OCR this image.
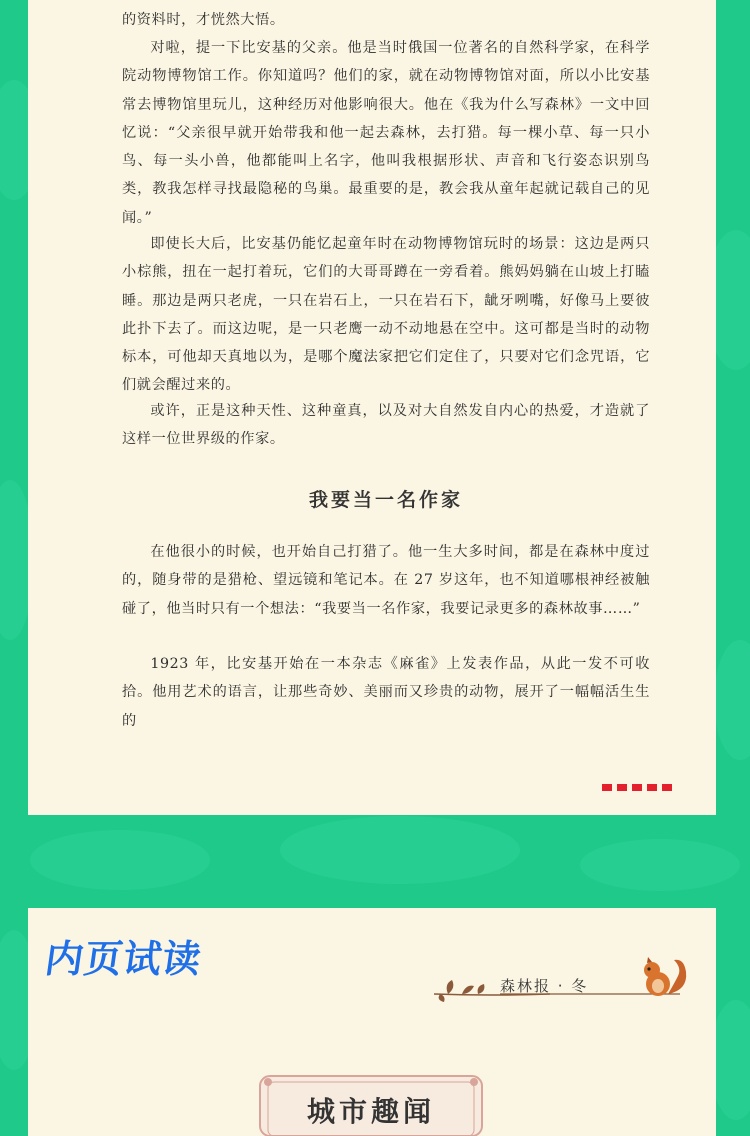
的资料时，才恍然大悟。

对啦，提一下比安基的父亲。他是当时俄国一位著名的自然科学家，在科学院动物博物馆工作。你知道吗？他们的家，就在动物博物馆对面，所以小比安基常去博物馆里玩儿，这种经历对他影响很大。他在《我为什么写森林》一文中回忆说：“父亲很早就开始带我和他一起去森林，去打猎。每一棵小草、每一只小鸟、每一头小兽，他都能叫上名字，他叫我根据形状、声音和飞行姿态识别鸟类，教我怎样寻找最隐秘的鸟巢。最重要的是，教会我从童年起就记载自己的见闻。”

即使长大后，比安基仍能忆起童年时在动物博物馆玩时的场景：这边是两只小棕熊，扭在一起打着玩，它们的大哥哥蹲在一旁看着。熊妈妈躺在山坡上打瞌睡。那边是两只老虎，一只在岩石上，一只在岩石下，龇牙咧嘴，好像马上要彼此扑下去了。而这边呢，是一只老鹰一动不动地悬在空中。这可都是当时的动物标本，可他却天真地以为，是哪个魔法家把它们定住了，只要对它们念咒语，它们就会醒过来的。

或许，正是这种天性、这种童真，以及对大自然发自内心的热爱，才造就了这样一位世界级的作家。

我要当一名作家

在他很小的时候，也开始自己打猎了。他一生大多时间，都是在森林中度过的，随身带的是猎枪、望远镜和笔记本。在 27 岁这年，也不知道哪根神经被触碰了，他当时只有一个想法：“我要当一名作家，我要记录更多的森林故事……”

1923 年，比安基开始在一本杂志《麻雀》上发表作品，从此一发不可收拾。他用艺术的语言，让那些奇妙、美丽而又珍贵的动物，展开了一幅幅活生生的

内页试读
森林报 · 冬
城市趣闻
